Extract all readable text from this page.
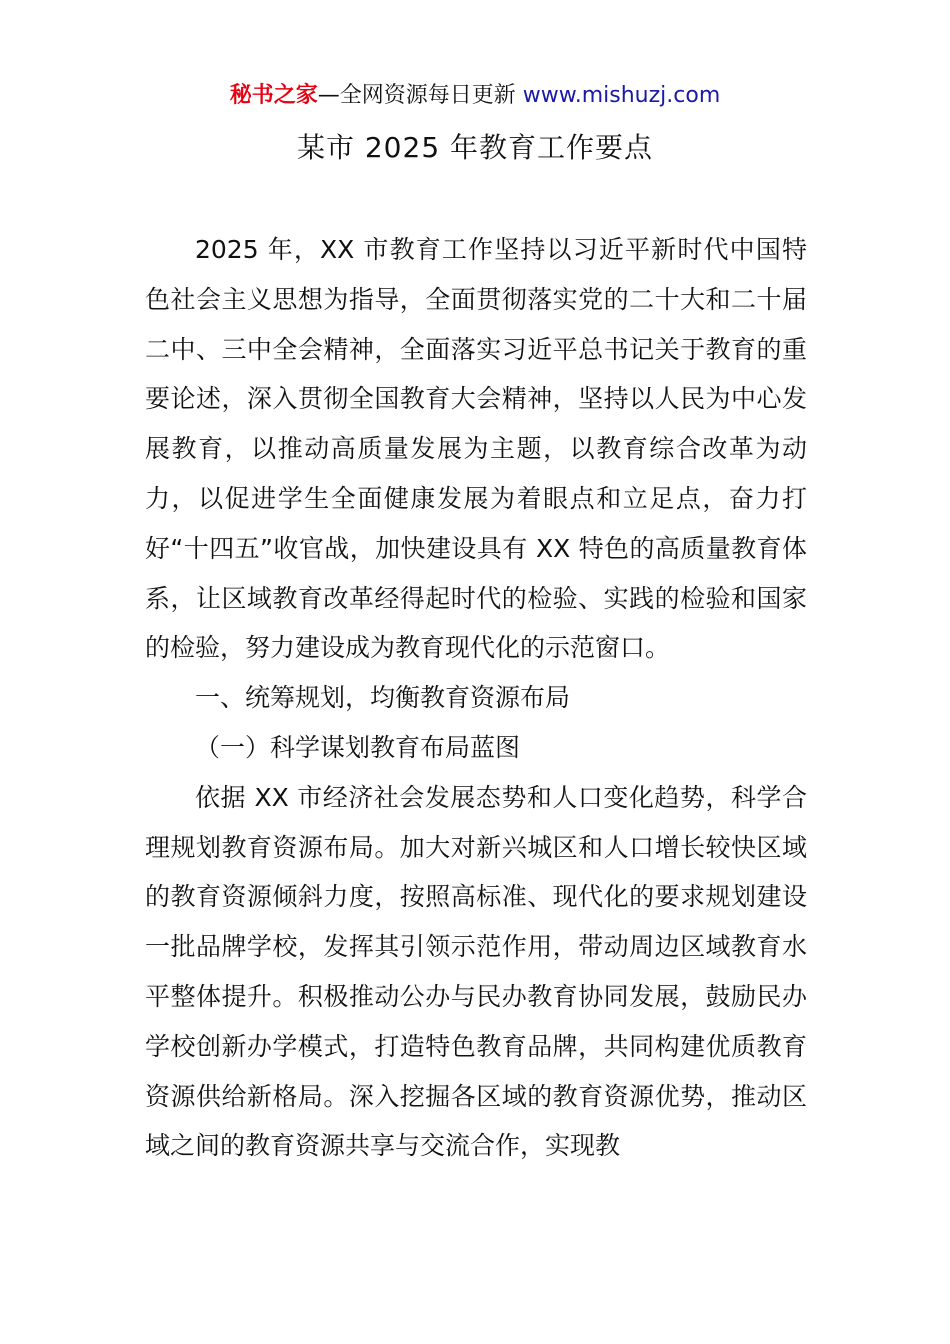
秘书之家—全网资源每日更新 www.mishuzj.com
某市 2025 年教育工作要点

2025 年，XX 市教育工作坚持以习近平新时代中国特色社会主义思想为指导，全面贯彻落实党的二十大和二十届二中、三中全会精神，全面落实习近平总书记关于教育的重要论述，深入贯彻全国教育大会精神，坚持以人民为中心发展教育，以推动高质量发展为主题，以教育综合改革为动力，以促进学生全面健康发展为着眼点和立足点，奋力打好“十四五”收官战，加快建设具有 XX 特色的高质量教育体系，让区域教育改革经得起时代的检验、实践的检验和国家的检验，努力建设成为教育现代化的示范窗口。

一、统筹规划，均衡教育资源布局

（一）科学谋划教育布局蓝图

依据 XX 市经济社会发展态势和人口变化趋势，科学合理规划教育资源布局。加大对新兴城区和人口增长较快区域的教育资源倾斜力度，按照高标准、现代化的要求规划建设一批品牌学校，发挥其引领示范作用，带动周边区域教育水平整体提升。积极推动公办与民办教育协同发展，鼓励民办学校创新办学模式，打造特色教育品牌，共同构建优质教育资源供给新格局。深入挖掘各区域的教育资源优势，推动区域之间的教育资源共享与交流合作，实现教
